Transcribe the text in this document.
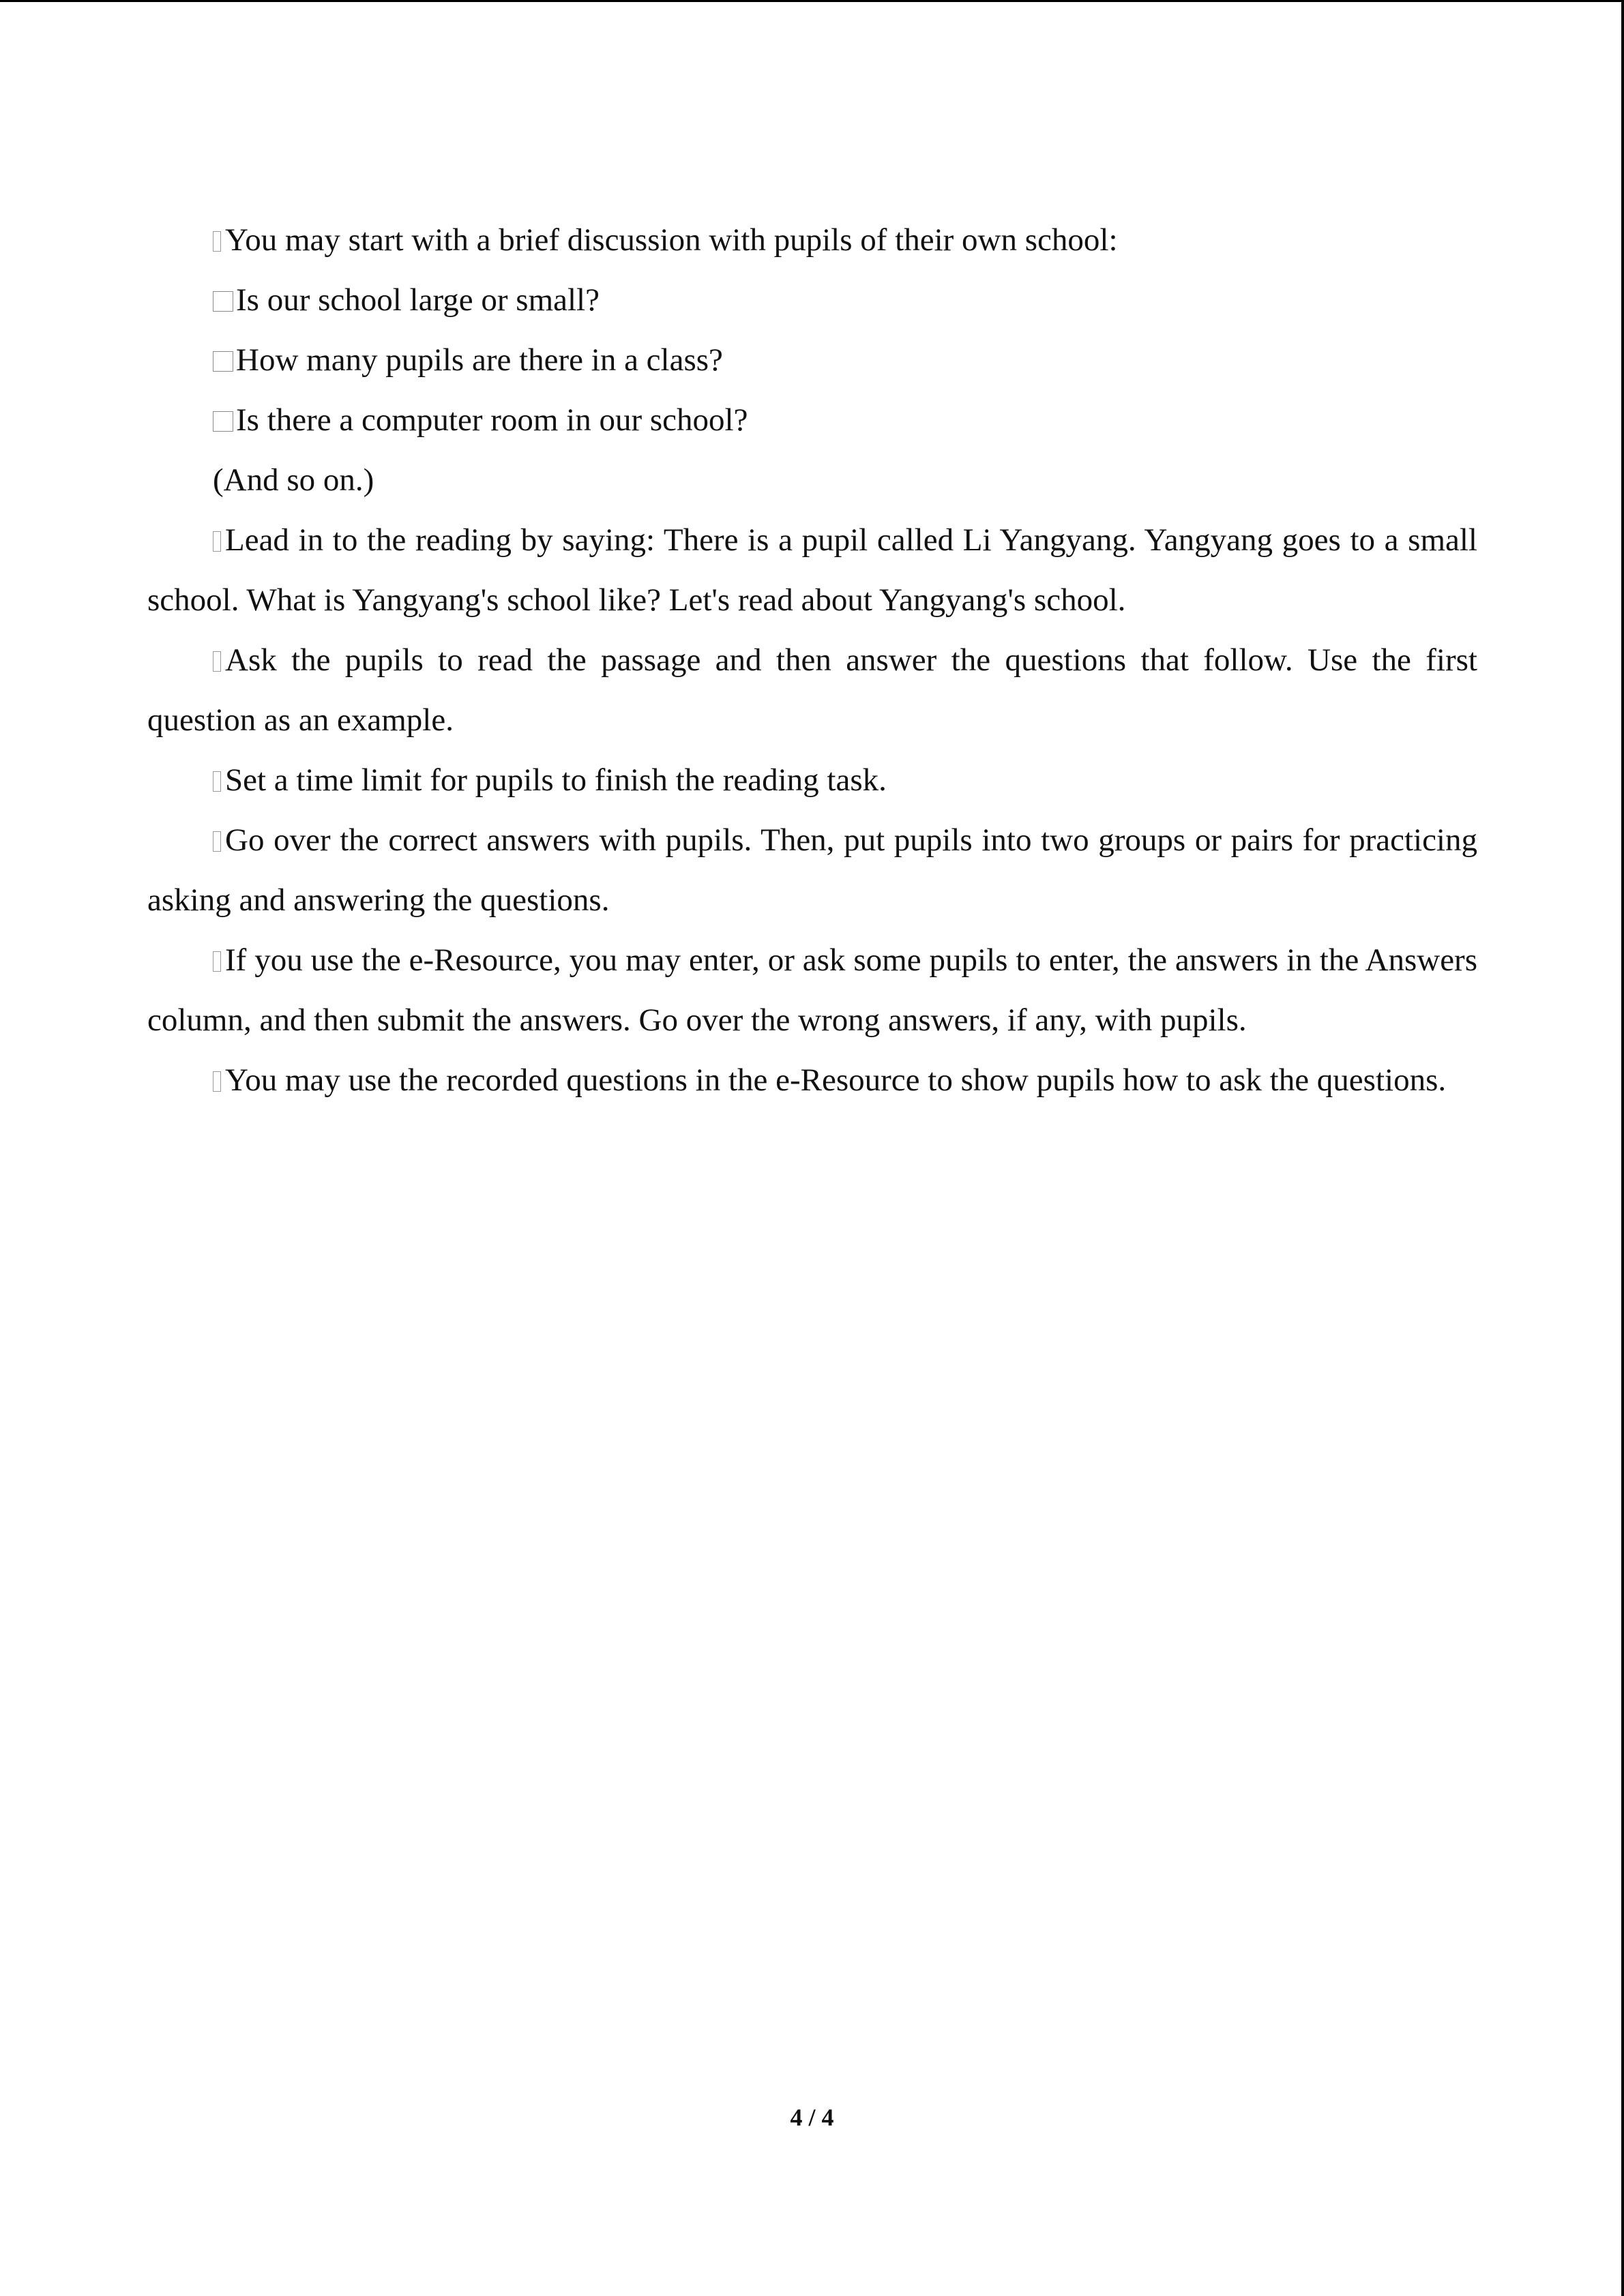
You may start with a brief discussion with pupils of their own school:

Is our school large or small?

How many pupils are there in a class?

Is there a computer room in our school?

(And so on.)

Lead in to the reading by saying: There is a pupil called Li Yangyang. Yangyang goes to a small school. What is Yangyang's school like? Let's read about Yangyang's school.

Ask the pupils to read the passage and then answer the questions that follow. Use the first question as an example.

Set a time limit for pupils to finish the reading task.

Go over the correct answers with pupils. Then, put pupils into two groups or pairs for practicing asking and answering the questions.

If you use the e-Resource, you may enter, or ask some pupils to enter, the answers in the Answers column, and then submit the answers. Go over the wrong answers, if any, with pupils.

You may use the recorded questions in the e-Resource to show pupils how to ask the questions.

4 / 4
